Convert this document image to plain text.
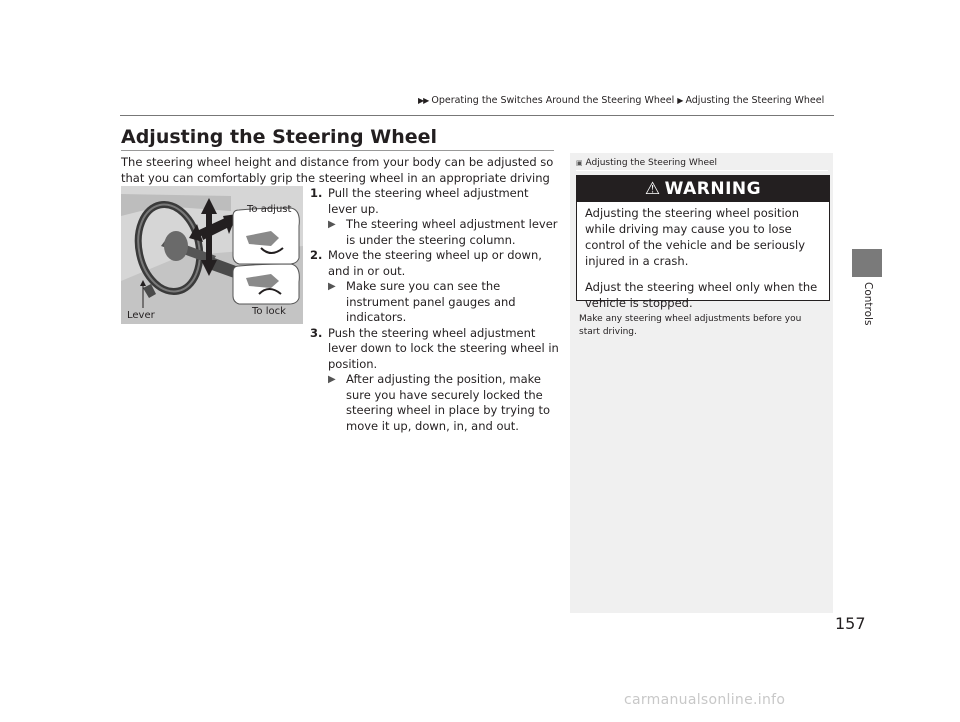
▶▶ Operating the Switches Around the Steering Wheel ▶ Adjusting the Steering Wheel
Controls
Adjusting the Steering Wheel
The steering wheel height and distance from your body can be adjusted so that you can comfortably grip the steering wheel in an appropriate driving
To adjust
To lock
Lever
1. Pull the steering wheel adjustment lever up.
▶ The steering wheel adjustment lever is under the steering column.
2. Move the steering wheel up or down, and in or out.
▶ Make sure you can see the instrument panel gauges and indicators.
3. Push the steering wheel adjustment lever down to lock the steering wheel in position.
▶ After adjusting the position, make sure you have securely locked the steering wheel in place by trying to move it up, down, in, and out.
▣ Adjusting the Steering Wheel
⚠ WARNING

Adjusting the steering wheel position while driving may cause you to lose control of the vehicle and be seriously injured in a crash.

Adjust the steering wheel only when the vehicle is stopped.

Make any steering wheel adjustments before you start driving.
157
carmanualsonline.info
